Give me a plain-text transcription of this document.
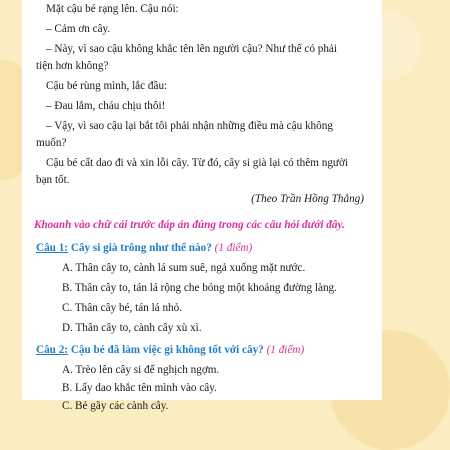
Mặt cậu bé rạng lên. Cậu nói:
– Cảm ơn cây.
– Này, vì sao cậu không khắc tên lên người cậu? Như thế có phải
tiện hơn không?
Cậu bé rùng mình, lắc đầu:
– Đau lắm, cháu chịu thôi!
– Vậy, vì sao cậu lại bắt tôi phải nhận những điều mà cậu không
muốn?
Cậu bé cất dao đi và xin lỗi cây. Từ đó, cây si già lại có thêm người
bạn tốt.
(Theo Trần Hồng Thắng)
Khoanh vào chữ cái trước đáp án đúng trong các câu hỏi dưới đây.
Câu 1: Cây si già trông như thế nào? (1 điểm)
A. Thân cây to, cành lá sum suê, ngả xuống mặt nước.
B. Thân cây to, tán lá rộng che bóng một khoảng đường làng.
C. Thân cây bé, tán lá nhỏ.
D. Thân cây to, cành cây xù xì.
Câu 2: Cậu bé đã làm việc gì không tốt với cây? (1 điểm)
A. Trèo lên cây si để nghịch ngợm.
B. Lấy dao khắc tên mình vào cây.
C. Bẻ gãy các cành cây.
